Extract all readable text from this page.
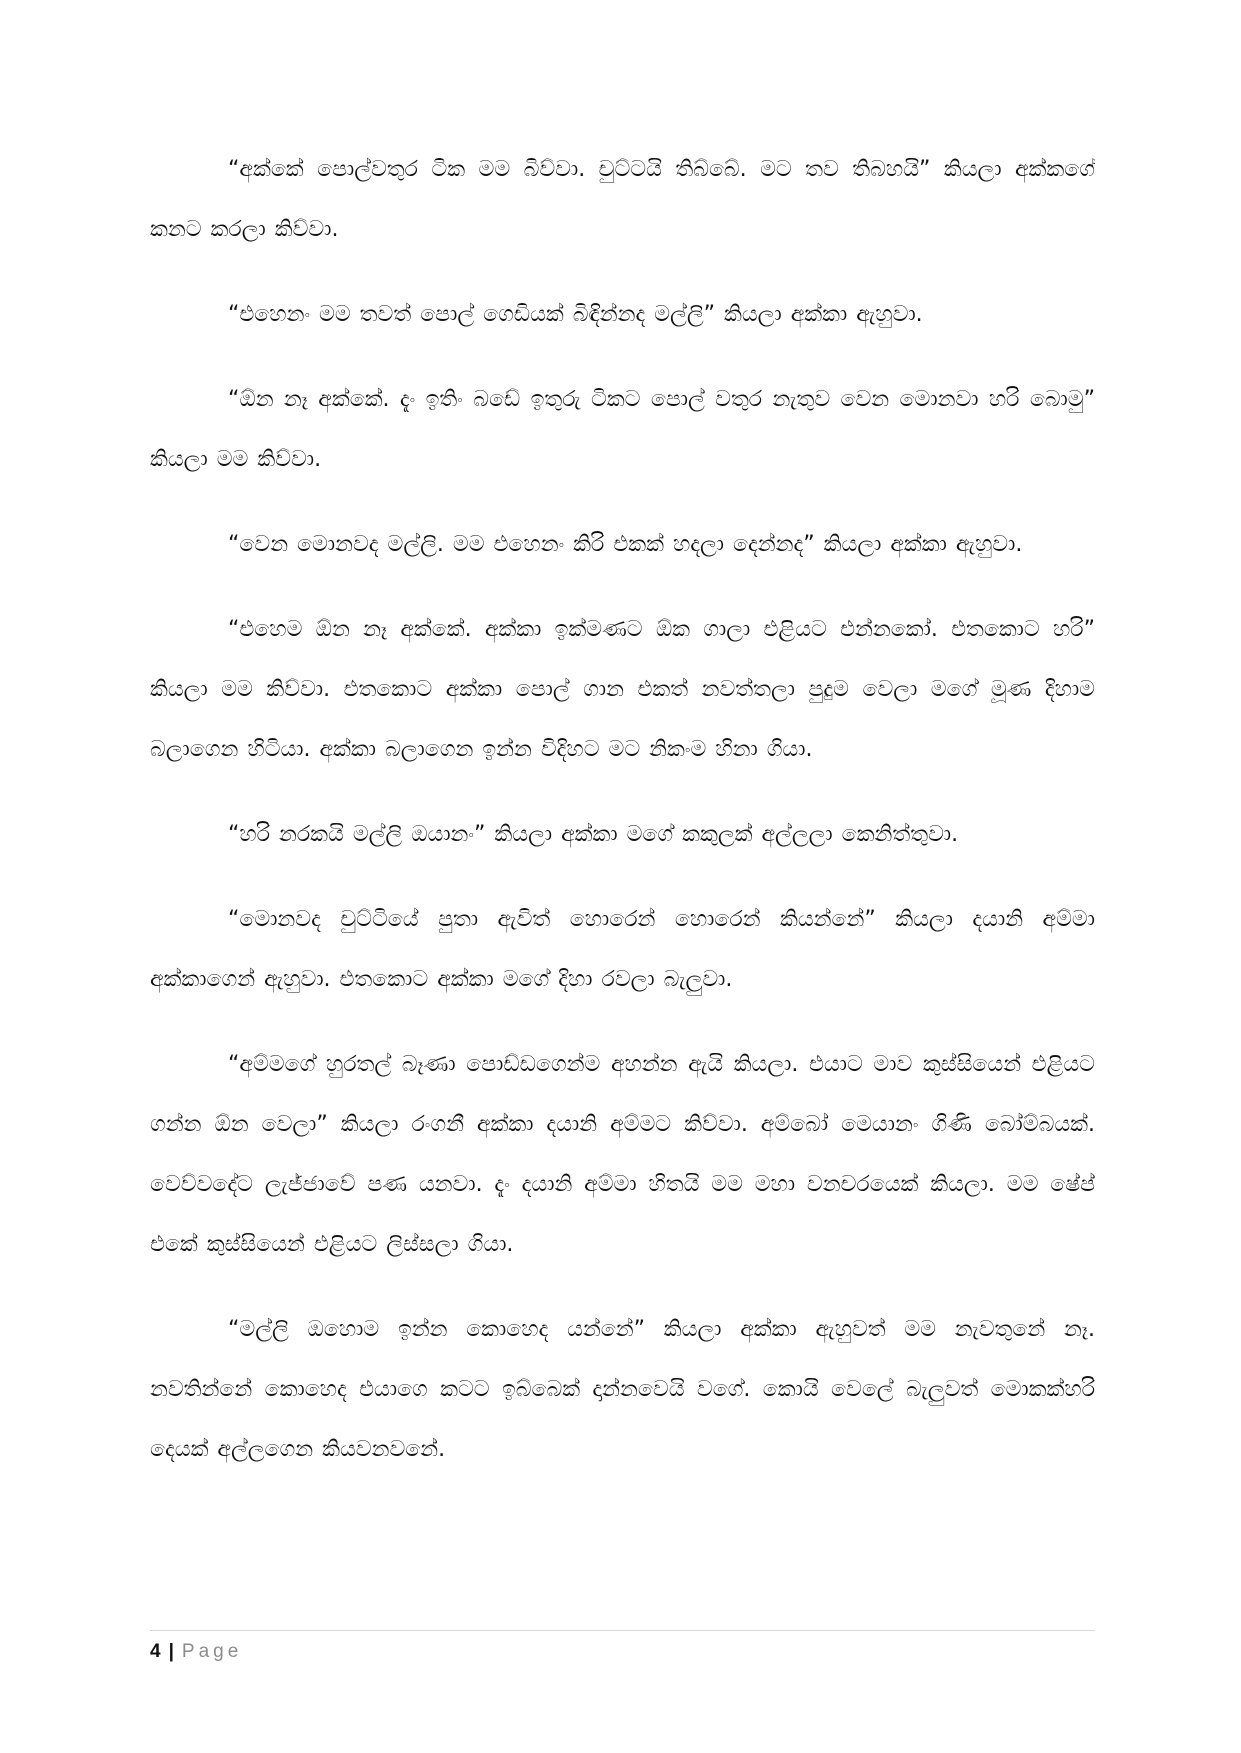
“අක්කේ පොල්වතුර ටික මම බිව්වා. චුට්ටයි තිබ්බේ. මට තව තිබහයි” කියලා අක්කගේ කනට කරලා කිව්වා.

“එහෙනං මම තවත් පොල් ගෙඩියක් බිඳින්නද මල්ලි” කියලා අක්කා ඇහුවා.

“ඕන නෑ අක්කේ. දැං ඉතිං බඩේ ඉතුරු ටිකට පොල් වතුර නැතුව වෙන මොනවා හරි බොමු” කියලා මම කිව්වා.

“වෙන මොනවද මල්ලි. මම එහෙනං කිරි එකක් හදලා දෙන්නද” කියලා අක්කා ඇහුවා.

“එහෙම ඕන නෑ අක්කේ. අක්කා ඉක්මණට ඕක ගාලා එළියට එන්නකෝ. එතකොට හරි” කියලා මම කිව්වා. එතකොට අක්කා පොල් ගාන එකත් නවත්තලා පුදුම වෙලා මගේ මූණ දිහාම බලාගෙන හිටියා. අක්කා බලාගෙන ඉන්න විදිහට මට නිකංම හිනා ගියා.

“හරි නරකයි මල්ලි ඔයානං” කියලා අක්කා මගේ කකුලක් අල්ලලා කෙනිත්තුවා.

“මොනවද චුට්ටියේ පුතා ඇවිත් හොරෙන් හොරෙන් කියන්නේ” කියලා දයානි අම්මා අක්කාගෙන් ඇහුවා. එතකොට අක්කා මගේ දිහා රවලා බැලුවා.

“අම්මගේ හුරතල් බෑණා පොඩ්ඩගෙන්ම අහන්න ඇයි කියලා. එයාට මාව කුස්සියෙන් එළියට ගන්න ඕන වෙලා” කියලා රංගනී අක්කා දයානි අම්මට කිව්වා. අම්බෝ මෙයානං ගිණි බෝම්බයක්. වෙව්වදේට ලැජ්ජාවේ පණ යනවා. දැං දයානි අම්මා හිතයි මම මහා වනචරයෙක් කියලා. මම ෂේප් එකේ කුස්සියෙන් එළියට ලිස්සලා ගියා.

“මල්ලි ඔහොම ඉන්න කොහෙද යන්නේ” කියලා අක්කා ඇහුවත් මම නැවතුනේ නෑ. නවතින්නේ කොහෙද එයාගෙ කටට ඉබ්බෙක් දාන්නවෙයි වගේ. කොයි වෙලේ බැලුවත් මොකක්හරි දෙයක් අල්ලගෙන කියවනවනේ.

4 | Page
